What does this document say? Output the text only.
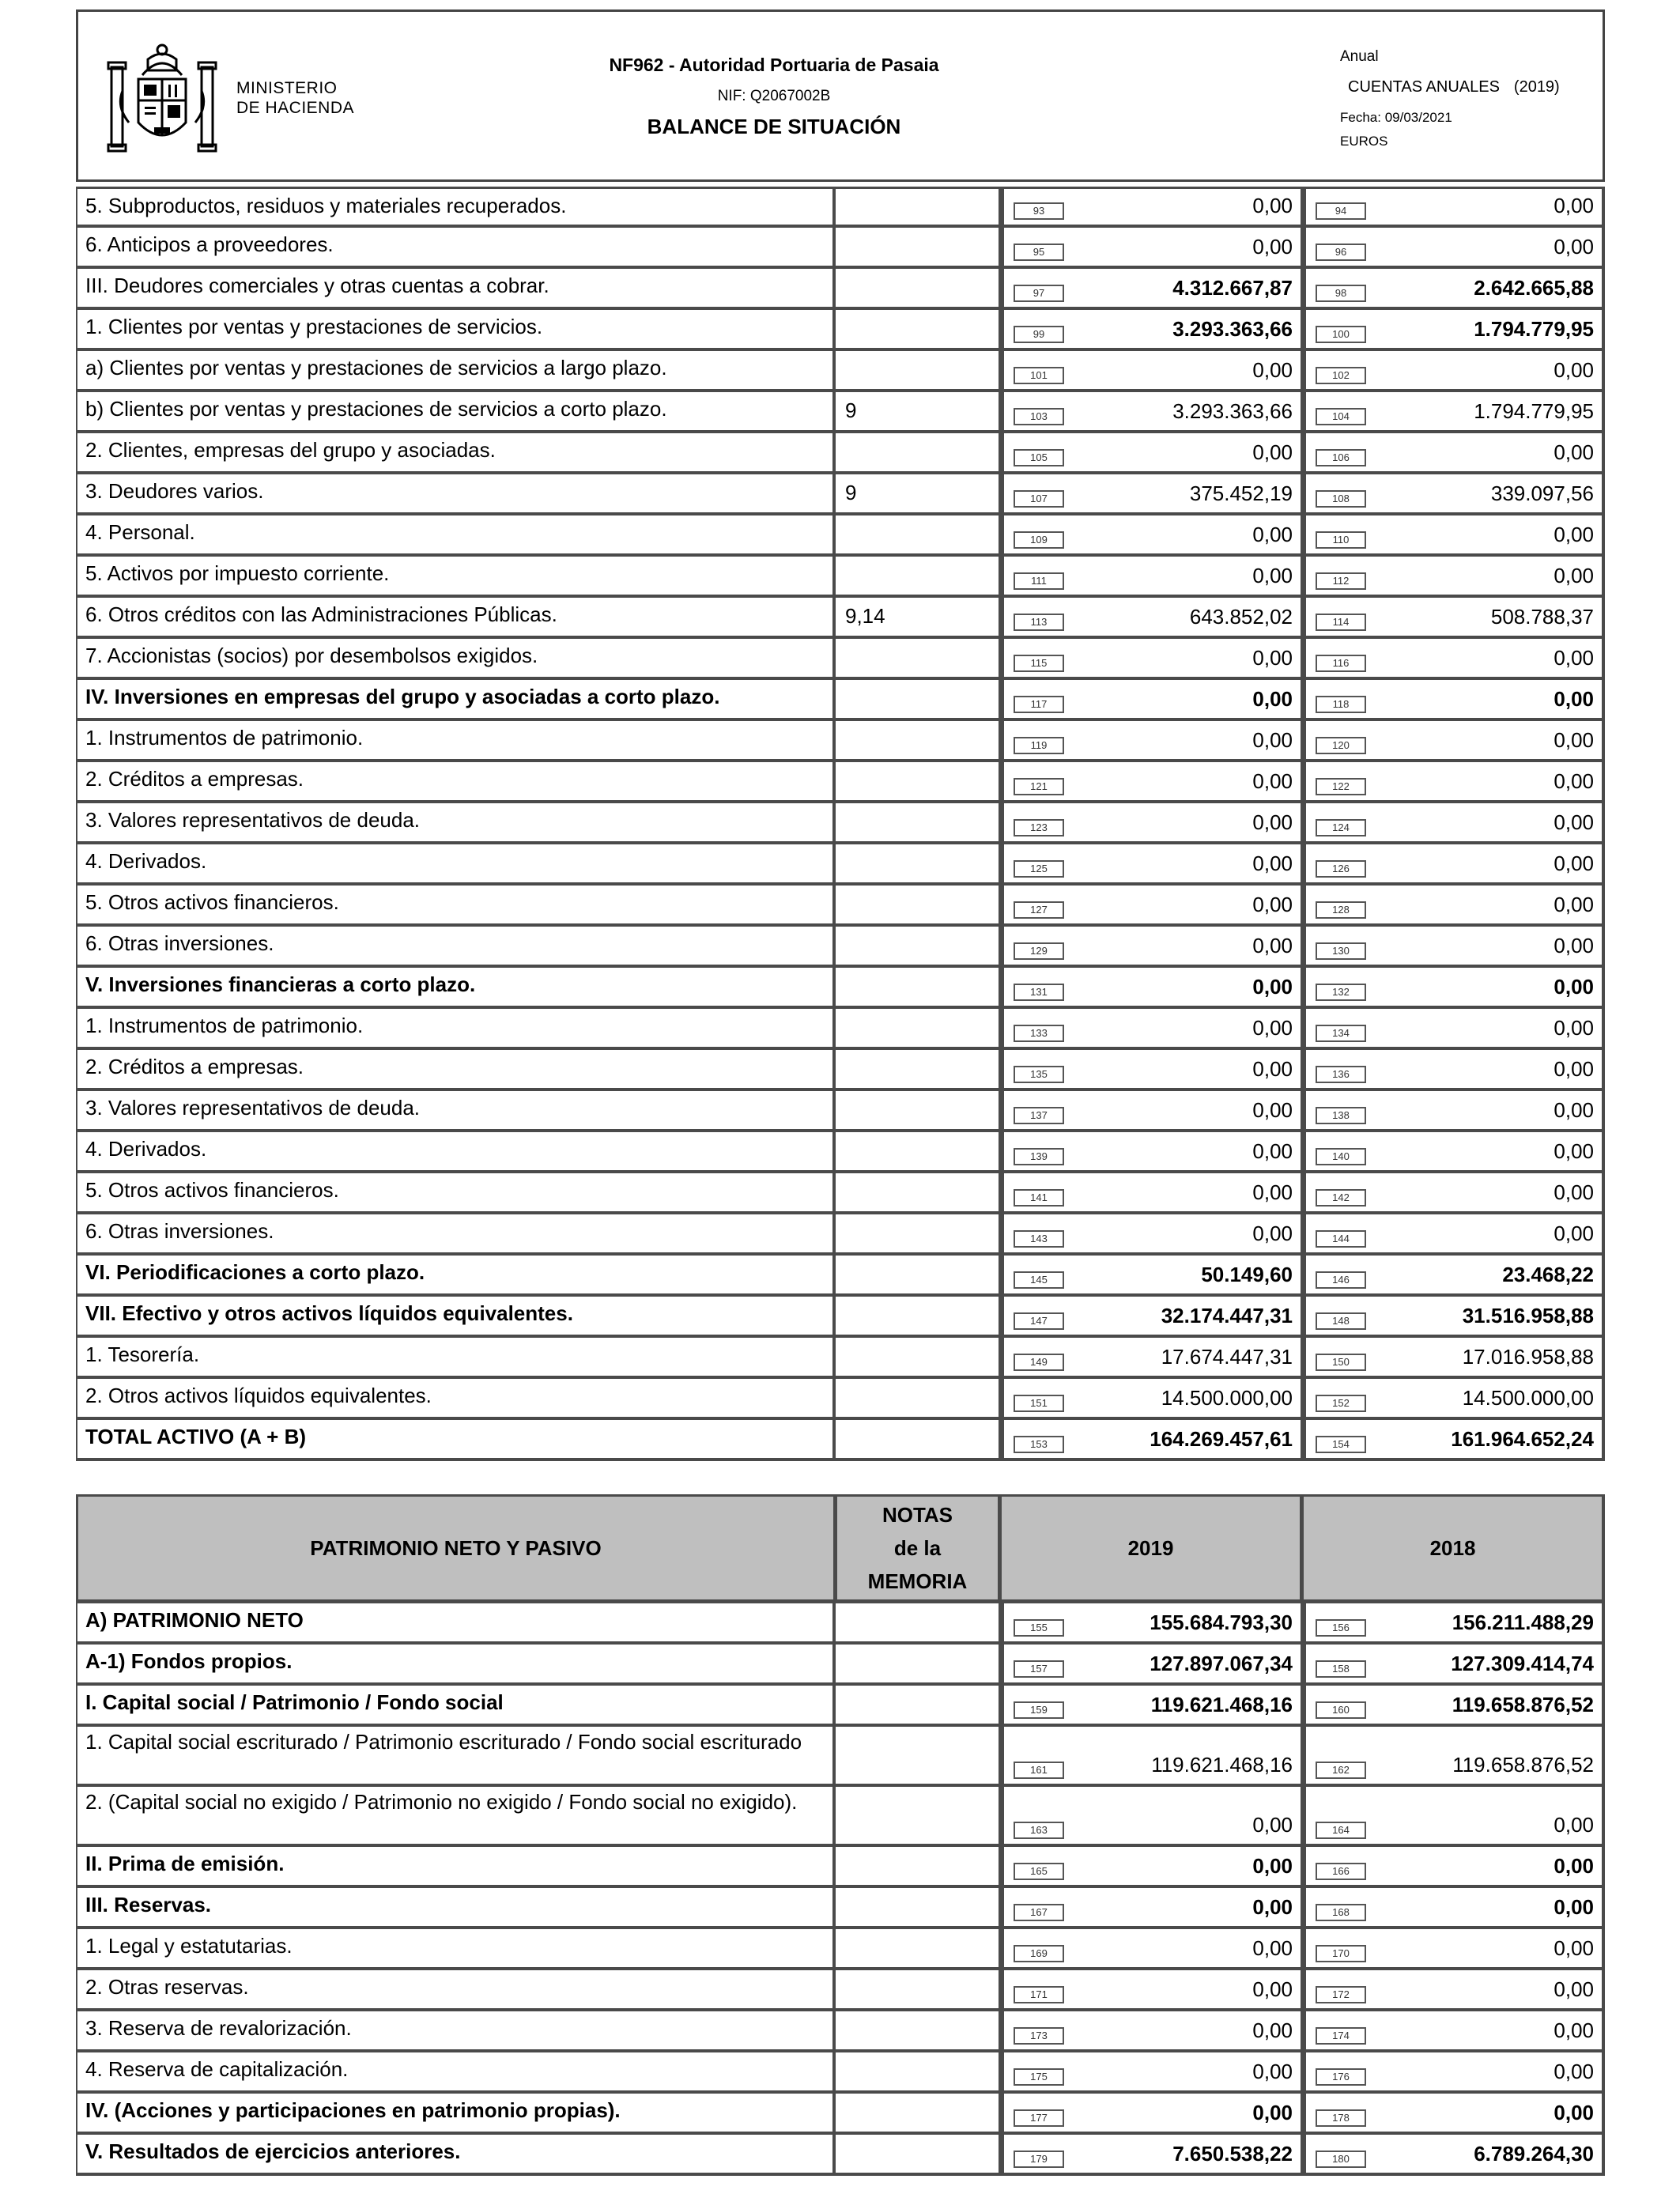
MINISTERIO
DE HACIENDA
NF962 - Autoridad Portuaria de Pasaia
NIF: Q2067002B
BALANCE DE SITUACIÓN
Anual
CUENTAS ANUALES (2019)
Fecha: 09/03/2021
EUROS
5. Subproductos, residuos y materiales recuperados.	93	0,00	94	0,00
6. Anticipos a proveedores.	95	0,00	96	0,00
III. Deudores comerciales y otras cuentas a cobrar.	97	4.312.667,87	98	2.642.665,88
1. Clientes por ventas y prestaciones de servicios.	99	3.293.363,66	100	1.794.779,95
a) Clientes por ventas y prestaciones de servicios a largo plazo.	101	0,00	102	0,00
b) Clientes por ventas y prestaciones de servicios a corto plazo.	9	103	3.293.363,66	104	1.794.779,95
2. Clientes, empresas del grupo y asociadas.	105	0,00	106	0,00
3. Deudores varios.	9	107	375.452,19	108	339.097,56
4. Personal.	109	0,00	110	0,00
5. Activos por impuesto corriente.	111	0,00	112	0,00
6. Otros créditos con las Administraciones Públicas.	9,14	113	643.852,02	114	508.788,37
7. Accionistas (socios) por desembolsos exigidos.	115	0,00	116	0,00
IV. Inversiones en empresas del grupo y asociadas a corto plazo.	117	0,00	118	0,00
1. Instrumentos de patrimonio.	119	0,00	120	0,00
2. Créditos a empresas.	121	0,00	122	0,00
3. Valores representativos de deuda.	123	0,00	124	0,00
4. Derivados.	125	0,00	126	0,00
5. Otros activos financieros.	127	0,00	128	0,00
6. Otras inversiones.	129	0,00	130	0,00
V. Inversiones financieras a corto plazo.	131	0,00	132	0,00
1. Instrumentos de patrimonio.	133	0,00	134	0,00
2. Créditos a empresas.	135	0,00	136	0,00
3. Valores representativos de deuda.	137	0,00	138	0,00
4. Derivados.	139	0,00	140	0,00
5. Otros activos financieros.	141	0,00	142	0,00
6. Otras inversiones.	143	0,00	144	0,00
VI. Periodificaciones a corto plazo.	145	50.149,60	146	23.468,22
VII. Efectivo y otros activos líquidos equivalentes.	147	32.174.447,31	148	31.516.958,88
1. Tesorería.	149	17.674.447,31	150	17.016.958,88
2. Otros activos líquidos equivalentes.	151	14.500.000,00	152	14.500.000,00
TOTAL ACTIVO (A + B)	153	164.269.457,61	154	161.964.652,24
PATRIMONIO NETO Y PASIVO
NOTAS
de la
MEMORIA
2019	2018
A) PATRIMONIO NETO	155	155.684.793,30	156	156.211.488,29
A-1) Fondos propios.	157	127.897.067,34	158	127.309.414,74
I. Capital social / Patrimonio / Fondo social	159	119.621.468,16	160	119.658.876,52
1. Capital social escriturado / Patrimonio escriturado / Fondo social escriturado
161	119.621.468,16	162	119.658.876,52
2. (Capital social no exigido / Patrimonio no exigido / Fondo social no exigido).
163	0,00	164	0,00
II. Prima de emisión.	165	0,00	166	0,00
III. Reservas.	167	0,00	168	0,00
1. Legal y estatutarias.	169	0,00	170	0,00
2. Otras reservas.	171	0,00	172	0,00
3. Reserva de revalorización.	173	0,00	174	0,00
4. Reserva de capitalización.	175	0,00	176	0,00
IV. (Acciones y participaciones en patrimonio propias).	177	0,00	178	0,00
V. Resultados de ejercicios anteriores.	179	7.650.538,22	180	6.789.264,30
